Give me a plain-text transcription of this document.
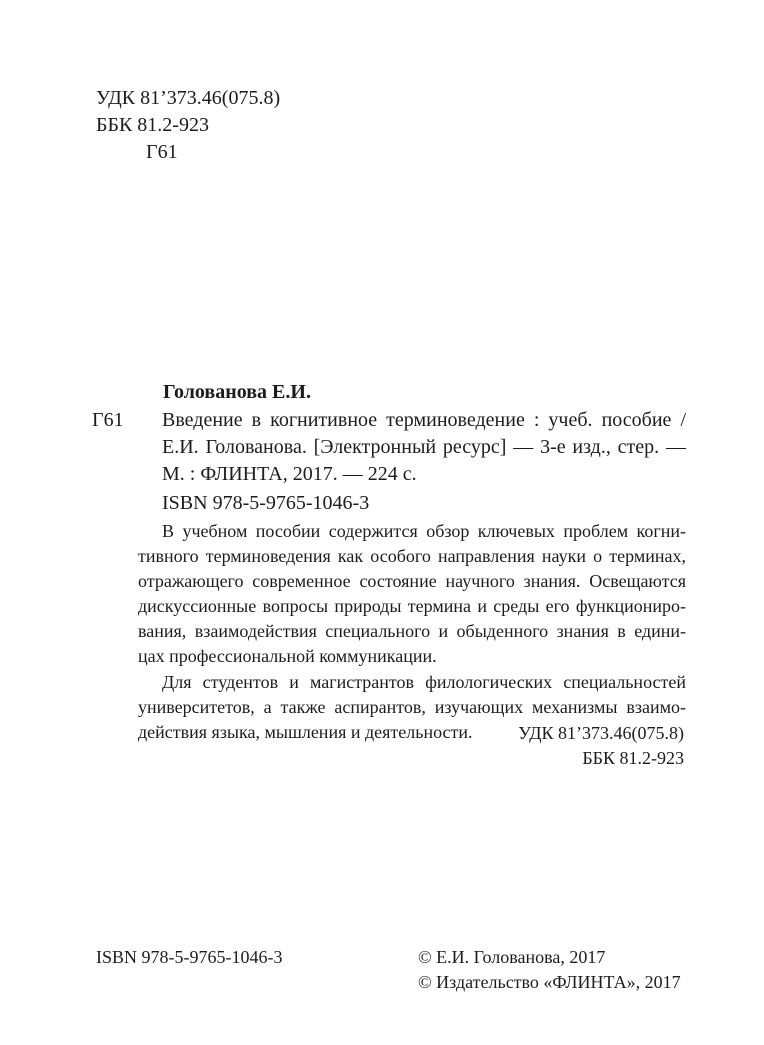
УДК 81’373.46(075.8)
ББК 81.2-923
Г61
Голованова Е.И.
Г61 Введение в когнитивное терминоведение : учеб. пособие /
Е.И. Голованова. [Электронный ресурс] — 3-е изд., стер. —
М. : ФЛИНТА, 2017. — 224 с.
ISBN 978-5-9765-1046-3
В учебном пособии содержится обзор ключевых проблем когни-
тивного терминоведения как особого направления науки о терминах,
отражающего современное состояние научного знания. Освещаются
дискуссионные вопросы природы термина и среды его функционирo-
вания, взаимодействия специального и обыденного знания в едини-
цах профессиональной коммуникации.
Для студентов и магистрантов филологических специальностей
университетов, а также аспирантов, изучающих механизмы взаимо-
действия языка, мышления и деятельности.	УДК 81’373.46(075.8)
ББК 81.2-923
ISBN 978-5-9765-1046-3	© Е.И. Голованова, 2017
© Издательство «ФЛИНТА», 2017
